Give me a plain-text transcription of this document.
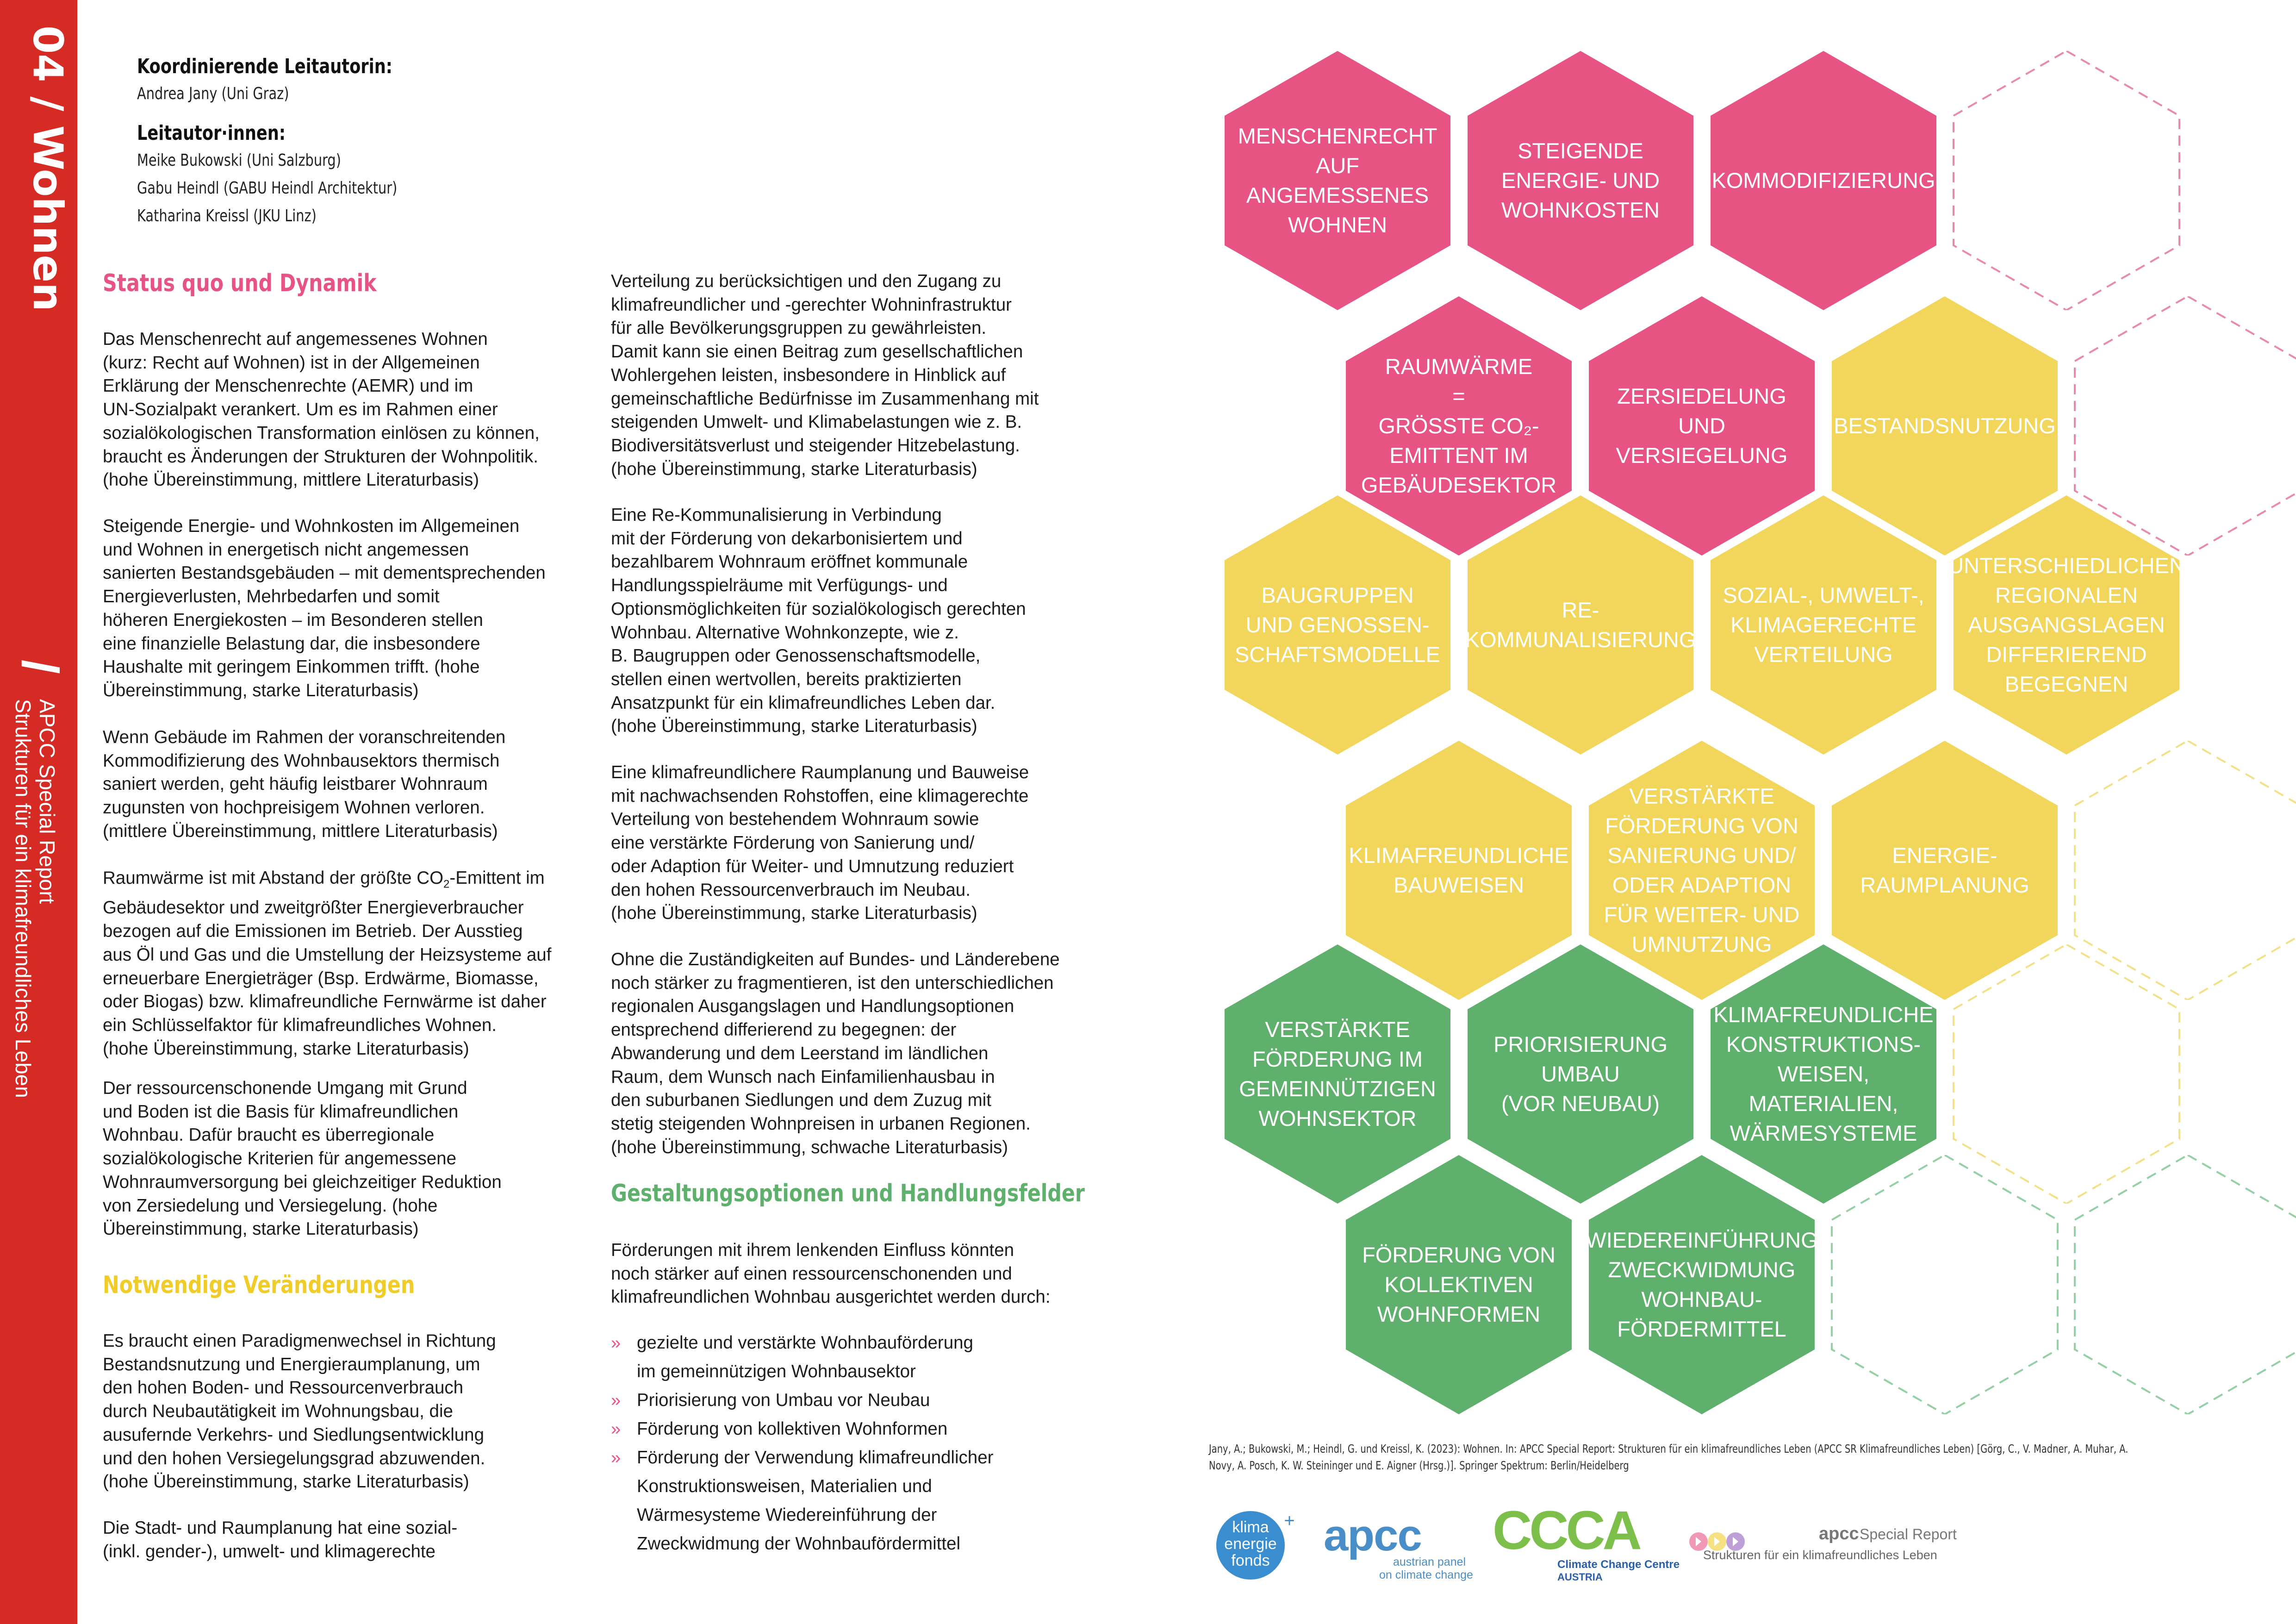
04 / Wohnen
/
APCC Special Report
Strukturen für ein klimafreundliches Leben
Koordinierende Leitautorin:
Andrea Jany (Uni Graz)
Leitautor·innen:
Meike Bukowski (Uni Salzburg)
Gabu Heindl (GABU Heindl Architektur)
Katharina Kreissl (JKU Linz)
Status quo und Dynamik
Das Menschenrecht auf angemessenes Wohnen
(kurz: Recht auf Wohnen) ist in der Allgemeinen
Erklärung der Menschenrechte (AEMR) und im
UN-Sozialpakt verankert. Um es im Rahmen einer
sozialökologischen Transformation einlösen zu können,
braucht es Änderungen der Strukturen der Wohnpolitik.
(hohe Übereinstimmung, mittlere Literaturbasis)
Steigende Energie- und Wohnkosten im Allgemeinen
und Wohnen in energetisch nicht angemessen
sanierten Bestandsgebäuden – mit dementsprechenden
Energieverlusten, Mehrbedarfen und somit
höheren Energiekosten – im Besonderen stellen
eine finanzielle Belastung dar, die insbesondere
Haushalte mit geringem Einkommen trifft. (hohe
Übereinstimmung, starke Literaturbasis)
Wenn Gebäude im Rahmen der voranschreitenden
Kommodifizierung des Wohnbausektors thermisch
saniert werden, geht häufig leistbarer Wohnraum
zugunsten von hochpreisigem Wohnen verloren.
(mittlere Übereinstimmung, mittlere Literaturbasis)
Raumwärme ist mit Abstand der größte $CO_2$-Emittent im
Gebäudesektor und zweitgrößter Energieverbraucher
bezogen auf die Emissionen im Betrieb. Der Ausstieg
aus Öl und Gas und die Umstellung der Heizsysteme auf
erneuerbare Energieträger (Bsp. Erdwärme, Biomasse,
oder Biogas) bzw. klimafreundliche Fernwärme ist daher
ein Schlüsselfaktor für klimafreundliches Wohnen.
(hohe Übereinstimmung, starke Literaturbasis)
Der ressourcenschonende Umgang mit Grund
und Boden ist die Basis für klimafreundlichen
Wohnbau. Dafür braucht es überregionale
sozialökologische Kriterien für angemessene
Wohnraumversorgung bei gleichzeitiger Reduktion
von Zersiedelung und Versiegelung. (hohe
Übereinstimmung, starke Literaturbasis)
Notwendige Veränderungen
Es braucht einen Paradigmenwechsel in Richtung
Bestandsnutzung und Energieraumplanung, um
den hohen Boden- und Ressourcenverbrauch
durch Neubautätigkeit im Wohnungsbau, die
ausufernde Verkehrs- und Siedlungsentwicklung
und den hohen Versiegelungsgrad abzuwenden.
(hohe Übereinstimmung, starke Literaturbasis)
Die Stadt- und Raumplanung hat eine sozial-
(inkl. gender-), umwelt- und klimagerechte
Verteilung zu berücksichtigen und den Zugang zu
klimafreundlicher und -gerechter Wohninfrastruktur
für alle Bevölkerungsgruppen zu gewährleisten.
Damit kann sie einen Beitrag zum gesellschaftlichen
Wohlergehen leisten, insbesondere in Hinblick auf
gemeinschaftliche Bedürfnisse im Zusammenhang mit
steigenden Umwelt- und Klimabelastungen wie z. B.
Biodiversitätsverlust und steigender Hitzebelastung.
(hohe Übereinstimmung, starke Literaturbasis)
Eine Re-Kommunalisierung in Verbindung
mit der Förderung von dekarbonisiertem und
bezahlbarem Wohnraum eröffnet kommunale
Handlungsspielräume mit Verfügungs- und
Optionsmöglichkeiten für sozialökologisch gerechten
Wohnbau. Alternative Wohnkonzepte, wie z.
B. Baugruppen oder Genossenschaftsmodelle,
stellen einen wertvollen, bereits praktizierten
Ansatzpunkt für ein klimafreundliches Leben dar.
(hohe Übereinstimmung, starke Literaturbasis)
Eine klimafreundlichere Raumplanung und Bauweise
mit nachwachsenden Rohstoffen, eine klimagerechte
Verteilung von bestehendem Wohnraum sowie
eine verstärkte Förderung von Sanierung und/
oder Adaption für Weiter- und Umnutzung reduziert
den hohen Ressourcenverbrauch im Neubau.
(hohe Übereinstimmung, starke Literaturbasis)
Ohne die Zuständigkeiten auf Bundes- und Länderebene
noch stärker zu fragmentieren, ist den unterschiedlichen
regionalen Ausgangslagen und Handlungsoptionen
entsprechend differierend zu begegnen: der
Abwanderung und dem Leerstand im ländlichen
Raum, dem Wunsch nach Einfamilienhausbau in
den suburbanen Siedlungen und dem Zuzug mit
stetig steigenden Wohnpreisen in urbanen Regionen.
(hohe Übereinstimmung, schwache Literaturbasis)
Gestaltungsoptionen und Handlungsfelder
Förderungen mit ihrem lenkenden Einfluss könnten
noch stärker auf einen ressourcenschonenden und
klimafreundlichen Wohnbau ausgerichtet werden durch:
» gezielte und verstärkte Wohnbauförderung
im gemeinnützigen Wohnbausektor
» Priorisierung von Umbau vor Neubau
» Förderung von kollektiven Wohnformen
» Förderung der Verwendung klimafreundlicher
Konstruktionsweisen, Materialien und
Wärmesysteme Wiedereinführung der
Zweckwidmung der Wohnbaufördermittel
MENSCHENRECHT
AUF ANGEMESSENES
WOHNEN
STEIGENDE
ENERGIE- UND
WOHNKOSTEN
KOMMODIFIZIERUNG
RAUMWÄRME
=
GRÖSSTE CO₂-
EMITTENT IM
GEBÄUDESEKTOR
ZERSIEDELUNG
UND
VERSIEGELUNG
BESTANDSNUTZUNG
BAUGRUPPEN
UND GENOSSEN-
SCHAFTSMODELLE
RE-
KOMMUNALISIERUNG
SOZIAL-, UMWELT-,
KLIMAGERECHTE
VERTEILUNG
UNTERSCHIEDLICHEN
REGIONALEN
AUSGANGSLAGEN
DIFFERIEREND
BEGEGNEN
KLIMAFREUNDLICHE
BAUWEISEN
VERSTÄRKTE
FÖRDERUNG VON
SANIERUNG UND/
ODER ADAPTION
FÜR WEITER- UND
UMNUTZUNG
ENERGIE-
RAUMPLANUNG
VERSTÄRKTE
FÖRDERUNG IM
GEMEINNÜTZIGEN
WOHNSEKTOR
PRIORISIERUNG
UMBAU
(VOR NEUBAU)
KLIMAFREUNDLICHE
KONSTRUKTIONS-
WEISEN,
MATERIALIEN,
WÄRMESYSTEME
FÖRDERUNG VON
KOLLEKTIVEN
WOHNFORMEN
WIEDEREINFÜHRUNG
ZWECKWIDMUNG
WOHNBAU-
FÖRDERMITTEL
Jany, A.; Bukowski, M.; Heindl, G. und Kreissl, K. (2023): Wohnen. In: APCC Special Report: Strukturen für ein klimafreundliches Leben (APCC SR Klimafreundliches Leben) [Görg, C., V. Madner, A. Muhar, A.
Novy, A. Posch, K. W. Steininger und E. Aigner (Hrsg.)]. Springer Spektrum: Berlin/Heidelberg
klima
energie
fonds
+ apcc
austrian panel
on climate change
CCCA
Climate Change Centre
AUSTRIA
apcc Special Report
Strukturen für ein klimafreundliches Leben
